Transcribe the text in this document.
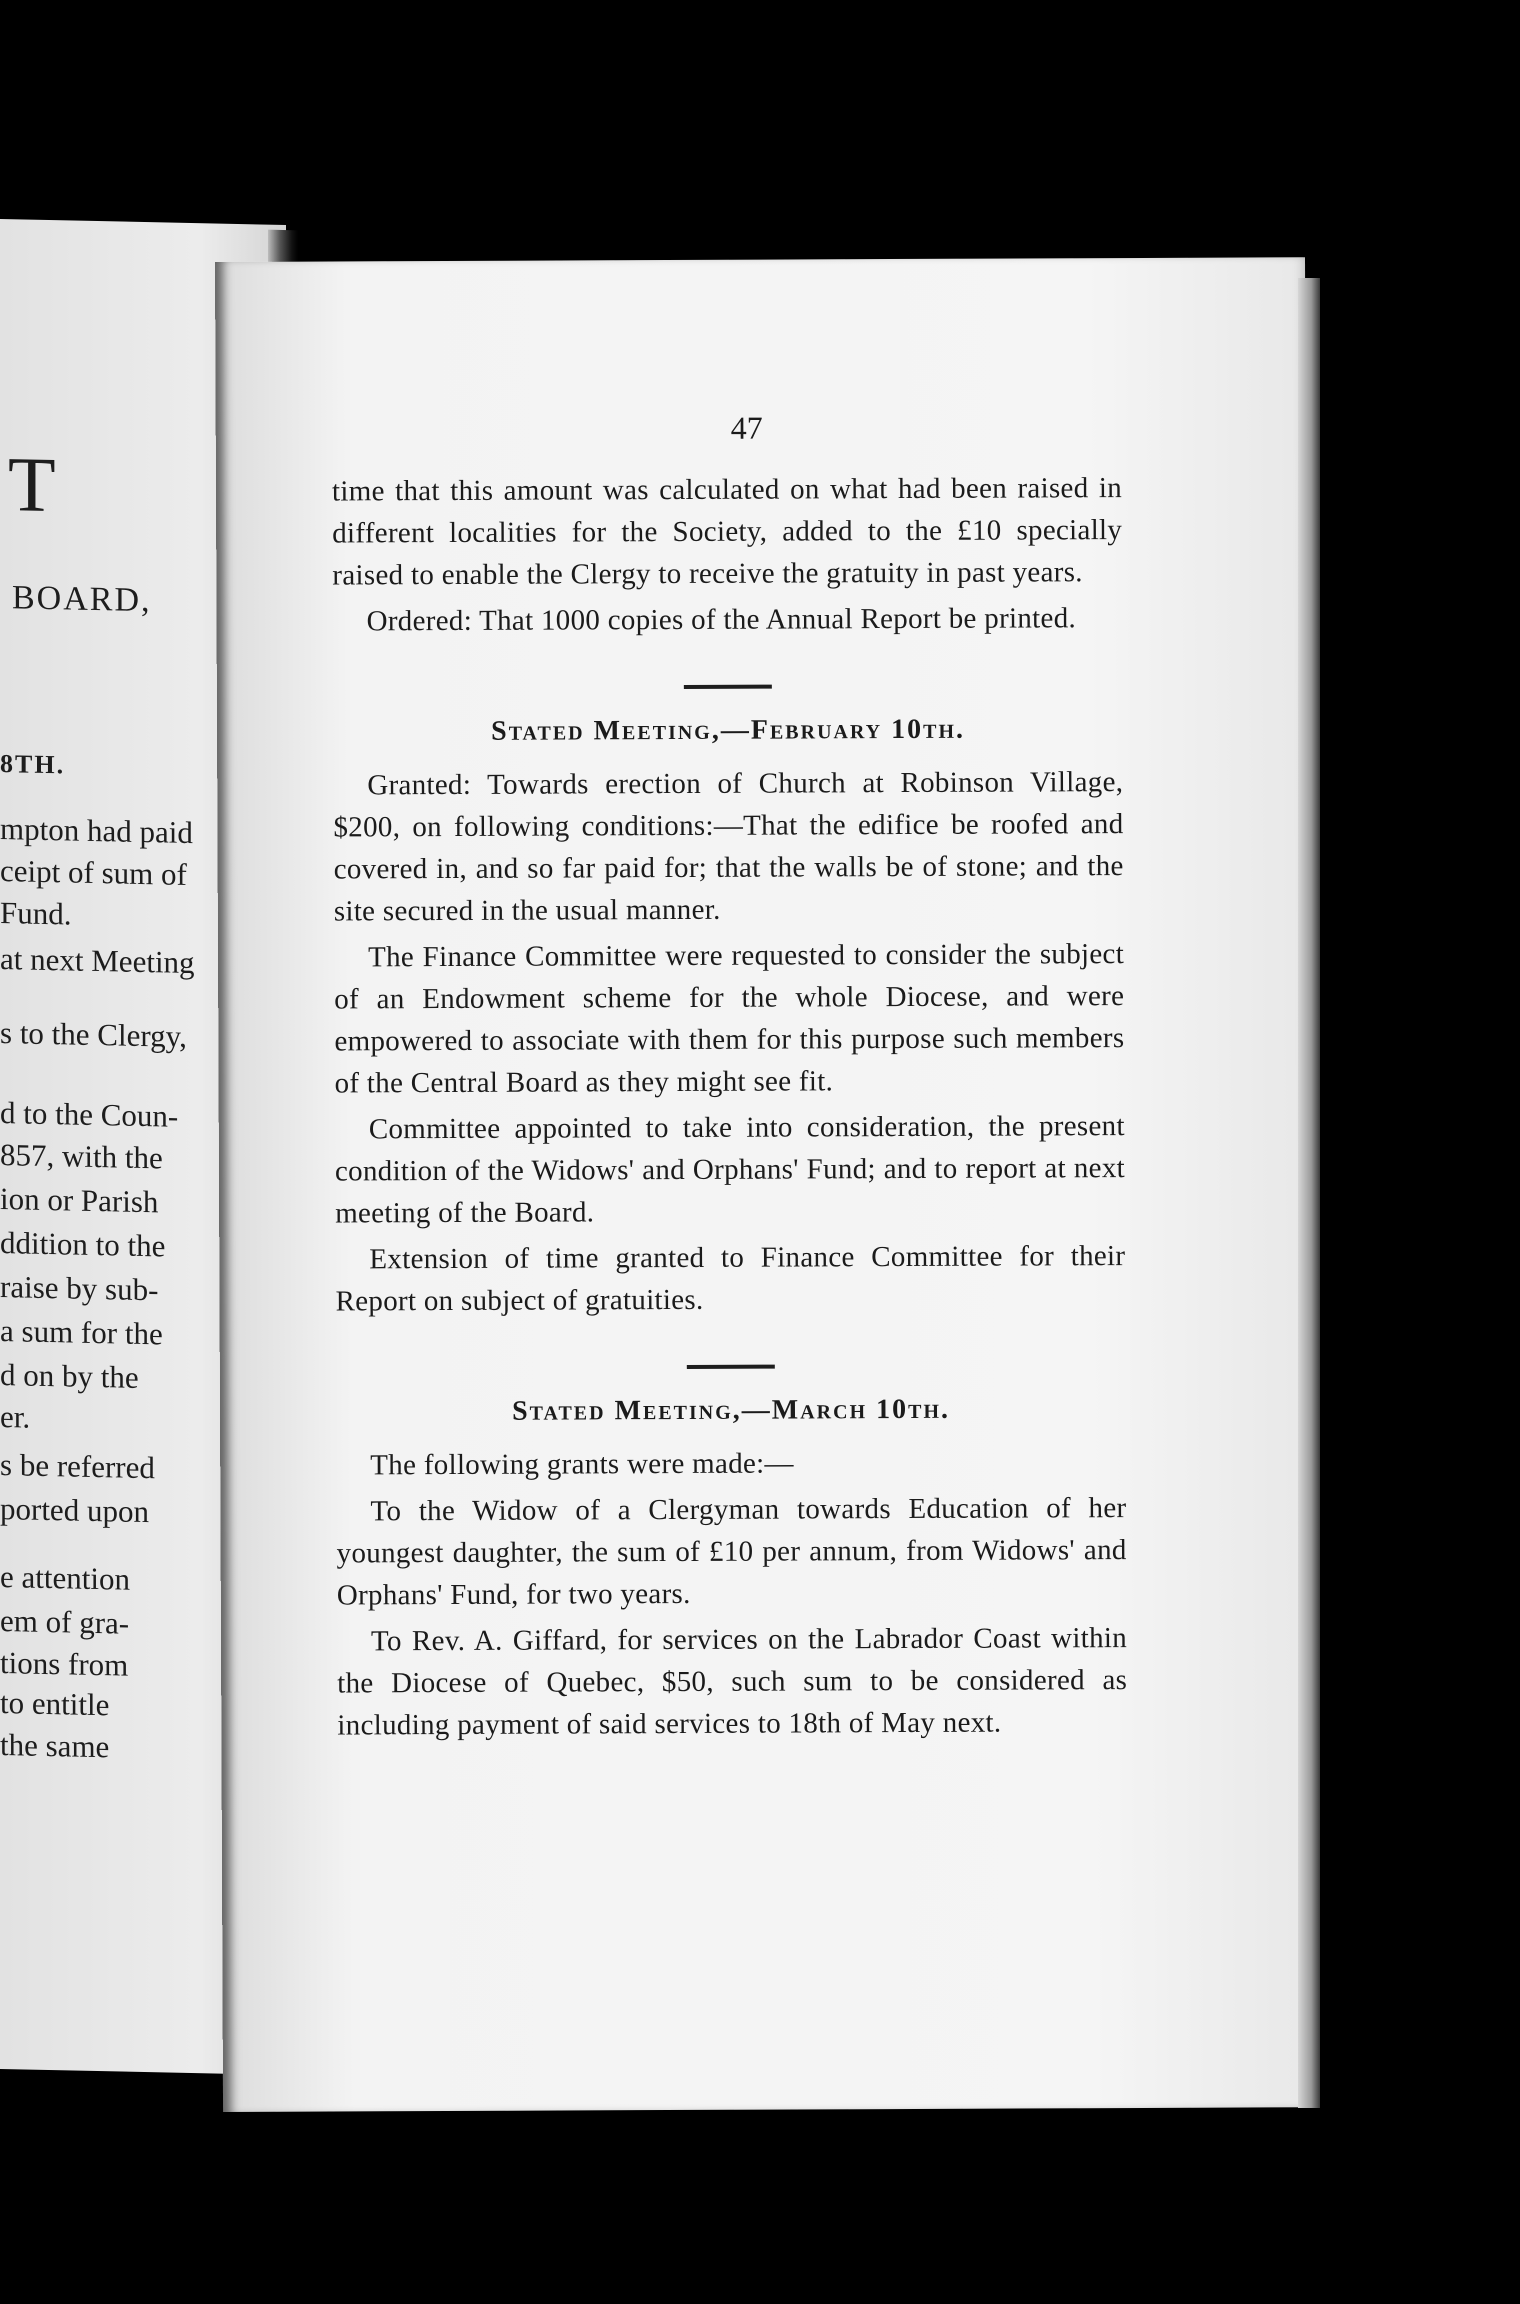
T
BOARD,
8TH.
mpton had paid
ceipt of sum of
Fund.
at next Meeting
s to the Clergy,
d to the Coun-
857, with the
ion or Parish
ddition to the
raise by sub-
a sum for the
d on by the
er.
s be referred
ported upon
e attention
em of gra-
tions from
to entitle
the same
47

time that this amount was calculated on what had been raised in different localities for the Society, added to the £10 specially raised to enable the Clergy to receive the gratuity in past years.

Ordered: That 1000 copies of the Annual Report be printed.

Stated Meeting,—February 10th.

Granted: Towards erection of Church at Robinson Village, $200, on following conditions:—That the edifice be roofed and covered in, and so far paid for; that the walls be of stone; and the site secured in the usual manner.

The Finance Committee were requested to consider the subject of an Endowment scheme for the whole Diocese, and were empowered to associate with them for this purpose such members of the Central Board as they might see fit.

Committee appointed to take into consideration, the present condition of the Widows' and Orphans' Fund; and to report at next meeting of the Board.

Extension of time granted to Finance Committee for their Report on subject of gratuities.

Stated Meeting,—March 10th.

The following grants were made:—

To the Widow of a Clergyman towards Education of her youngest daughter, the sum of £10 per annum, from Widows' and Orphans' Fund, for two years.

To Rev. A. Giffard, for services on the Labrador Coast within the Diocese of Quebec, $50, such sum to be considered as including payment of said services to 18th of May next.
